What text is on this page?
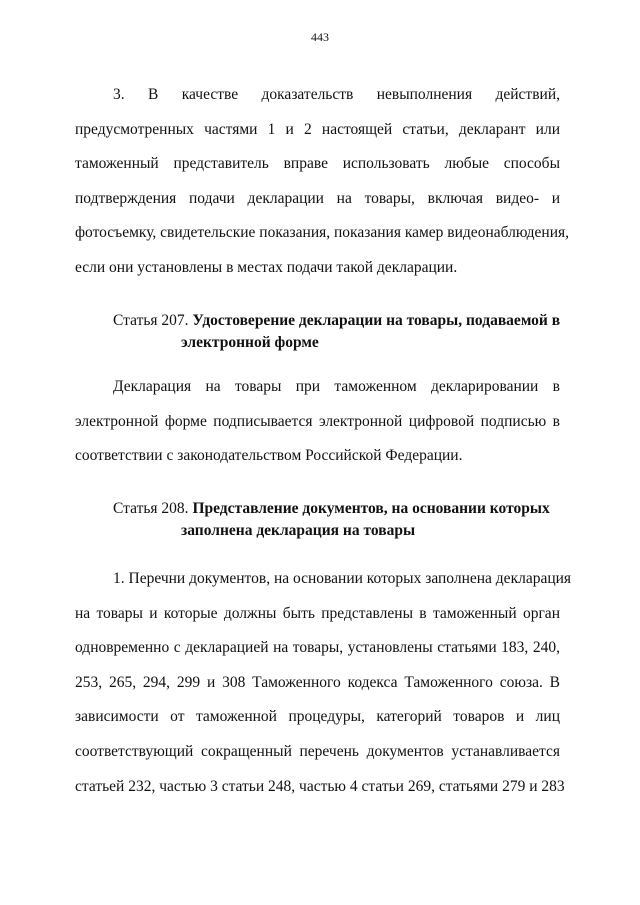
443
3. В качестве доказательств невыполнения действий,
предусмотренных частями 1 и 2 настоящей статьи, декларант или
таможенный представитель вправе использовать любые способы
подтверждения подачи декларации на товары, включая видео- и
фотосъемку, свидетельские показания, показания камер видеонаблюдения,
если они установлены в местах подачи такой декларации.
Статья 207. Удостоверение декларации на товары, подаваемой в
электронной форме
Декларация на товары при таможенном декларировании в
электронной форме подписывается электронной цифровой подписью в
соответствии с законодательством Российской Федерации.
Статья 208. Представление документов, на основании которых
заполнена декларация на товары
1. Перечни документов, на основании которых заполнена декларация
на товары и которые должны быть представлены в таможенный орган
одновременно с декларацией на товары, установлены статьями 183, 240,
253, 265, 294, 299 и 308 Таможенного кодекса Таможенного союза. В
зависимости от таможенной процедуры, категорий товаров и лиц
соответствующий сокращенный перечень документов устанавливается
статьей 232, частью 3 статьи 248, частью 4 статьи 269, статьями 279 и 283
